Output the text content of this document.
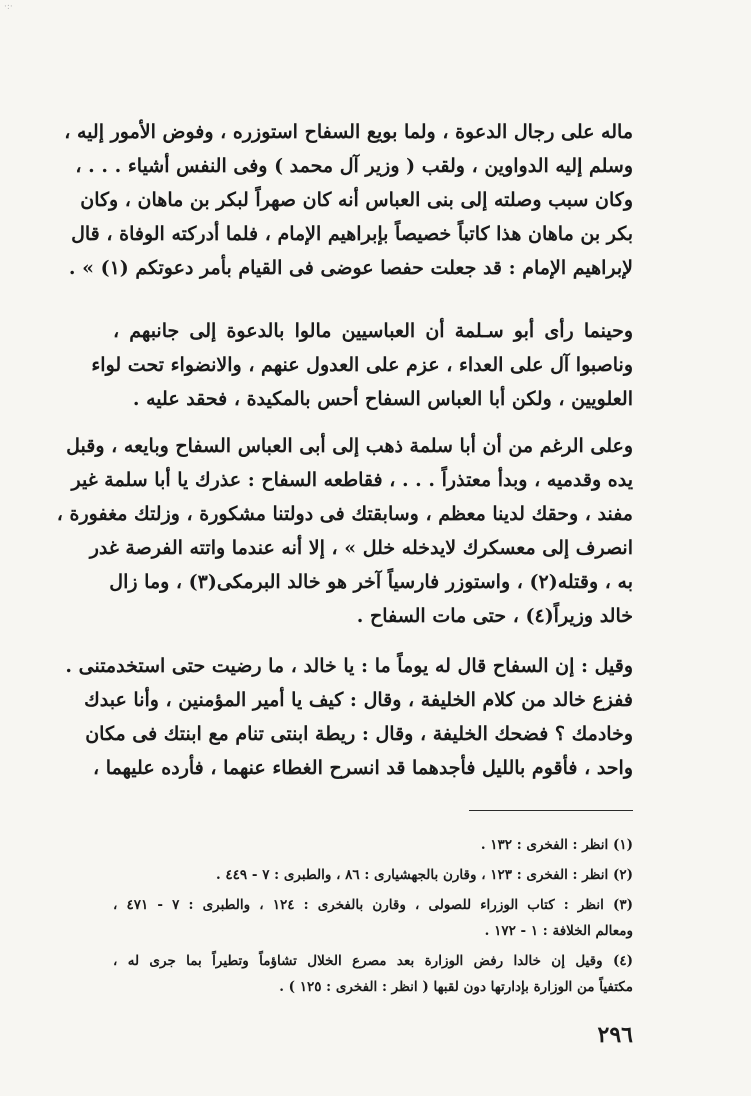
·:·
ماله على رجال الدعوة ، ولما بويع السفاح استوزره ، وفوض الأمور إليه ،
وسلم إليه الدواوين ، ولقب ( وزير آل محمد ) وفى النفس أشياء . . . ،
وكان سبب وصلته إلى بنى العباس أنه كان صهراً لبكر بن ماهان ، وكان
بكر بن ماهان هذا كاتباً خصيصاً بإبراهيم الإمام ، فلما أدركته الوفاة ، قال
لإبراهيم الإمام : قد جعلت حفصا عوضى فى القيام بأمر دعوتكم (١) » .
وحينما رأى أبو سـلمة أن العباسيين مالوا بالدعوة إلى جانبهم ،
وناصبوا آل على العداء ، عزم على العدول عنهم ، والانضواء تحت لواء
العلويين ، ولكن أبا العباس السفاح أحس بالمكيدة ، فحقد عليه .
وعلى الرغم من أن أبا سلمة ذهب إلى أبى العباس السفاح وبايعه ، وقبل
يده وقدميه ، وبدأ معتذراً . . . ، فقاطعه السفاح : عذرك يا أبا سلمة غير
مفند ، وحقك لدينا معظم ، وسابقتك فى دولتنا مشكورة ، وزلتك مغفورة ،
انصرف إلى معسكرك لايدخله خلل » ، إلا أنه عندما واتته الفرصة غدر
به ، وقتله(٢) ، واستوزر فارسياً آخر هو خالد البرمكى(٣) ، وما زال
خالد وزيراً(٤) ، حتى مات السفاح .
وقيل : إن السفاح قال له يوماً ما : يا خالد ، ما رضيت حتى استخدمتنى .
ففزع خالد من كلام الخليفة ، وقال : كيف يا أمير المؤمنين ، وأنا عبدك
وخادمك ؟ فضحك الخليفة ، وقال : ريطة ابنتى تنام مع ابنتك فى مكان
واحد ، فأقوم بالليل فأجدهما قد انسرح الغطاء عنهما ، فأرده عليهما ،
(١) انظر : الفخرى : ١٣٢ .
(٢) انظر : الفخرى : ١٢٣ ، وقارن بالجهشيارى : ٨٦ ، والطبرى : ٧ - ٤٤٩ .
(٣) انظر : كتاب الوزراء للصولى ، وقارن بالفخرى : ١٢٤ ، والطبرى : ٧ - ٤٧١ ،
ومعالم الخلافة : ١ - ١٧٢ .
(٤) وقيل إن خالدا رفض الوزارة بعد مصرع الخلال تشاؤماً وتطيراً بما جرى له ،
مكتفياً من الوزارة بإدارتها دون لقبها ( انظر : الفخرى : ١٢٥ ) .
٢٩٦
